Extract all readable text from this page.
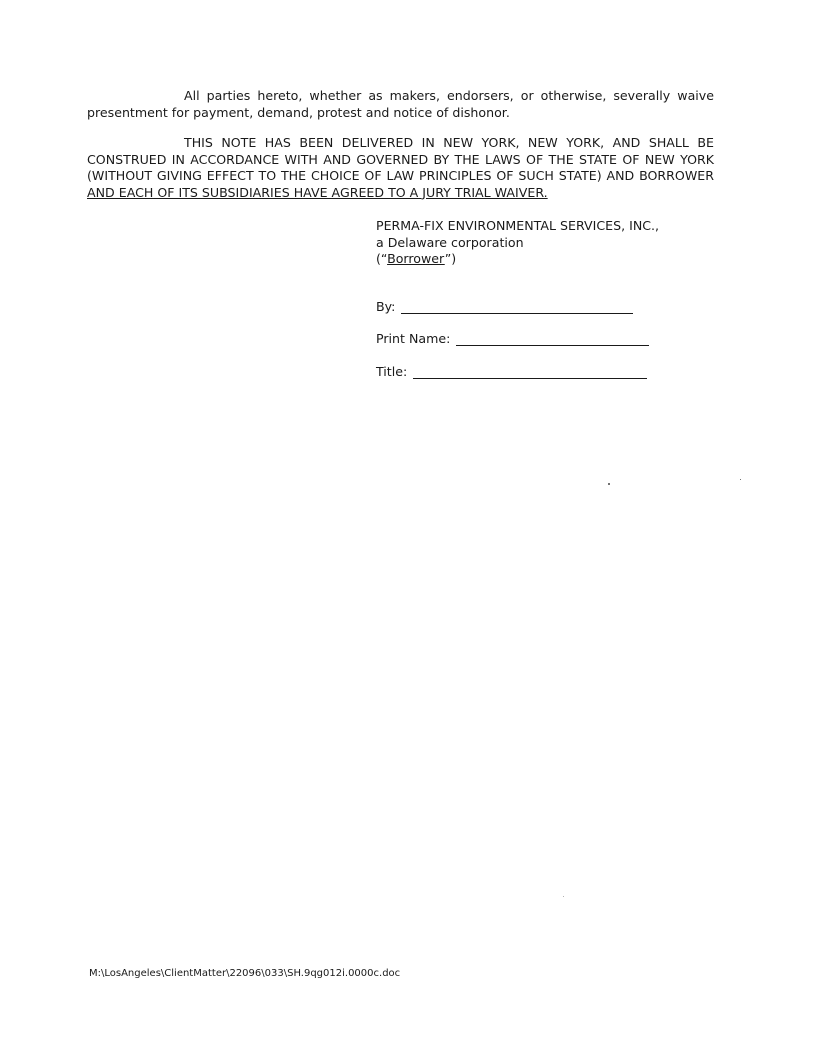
All parties hereto, whether as makers, endorsers, or otherwise, severally waive presentment for payment, demand, protest and notice of dishonor.

THIS NOTE HAS BEEN DELIVERED IN NEW YORK, NEW YORK, AND SHALL BE CONSTRUED IN ACCORDANCE WITH AND GOVERNED BY THE LAWS OF THE STATE OF NEW YORK (WITHOUT GIVING EFFECT TO THE CHOICE OF LAW PRINCIPLES OF SUCH STATE) AND BORROWER AND EACH OF ITS SUBSIDIARIES HAVE AGREED TO A JURY TRIAL WAIVER.

PERMA-FIX ENVIRONMENTAL SERVICES, INC.,
a Delaware corporation
(“Borrower”)
By:
Print Name:
Title:
M:\LosAngeles\ClientMatter\22096\033\SH.9qg012i.0000c.doc
